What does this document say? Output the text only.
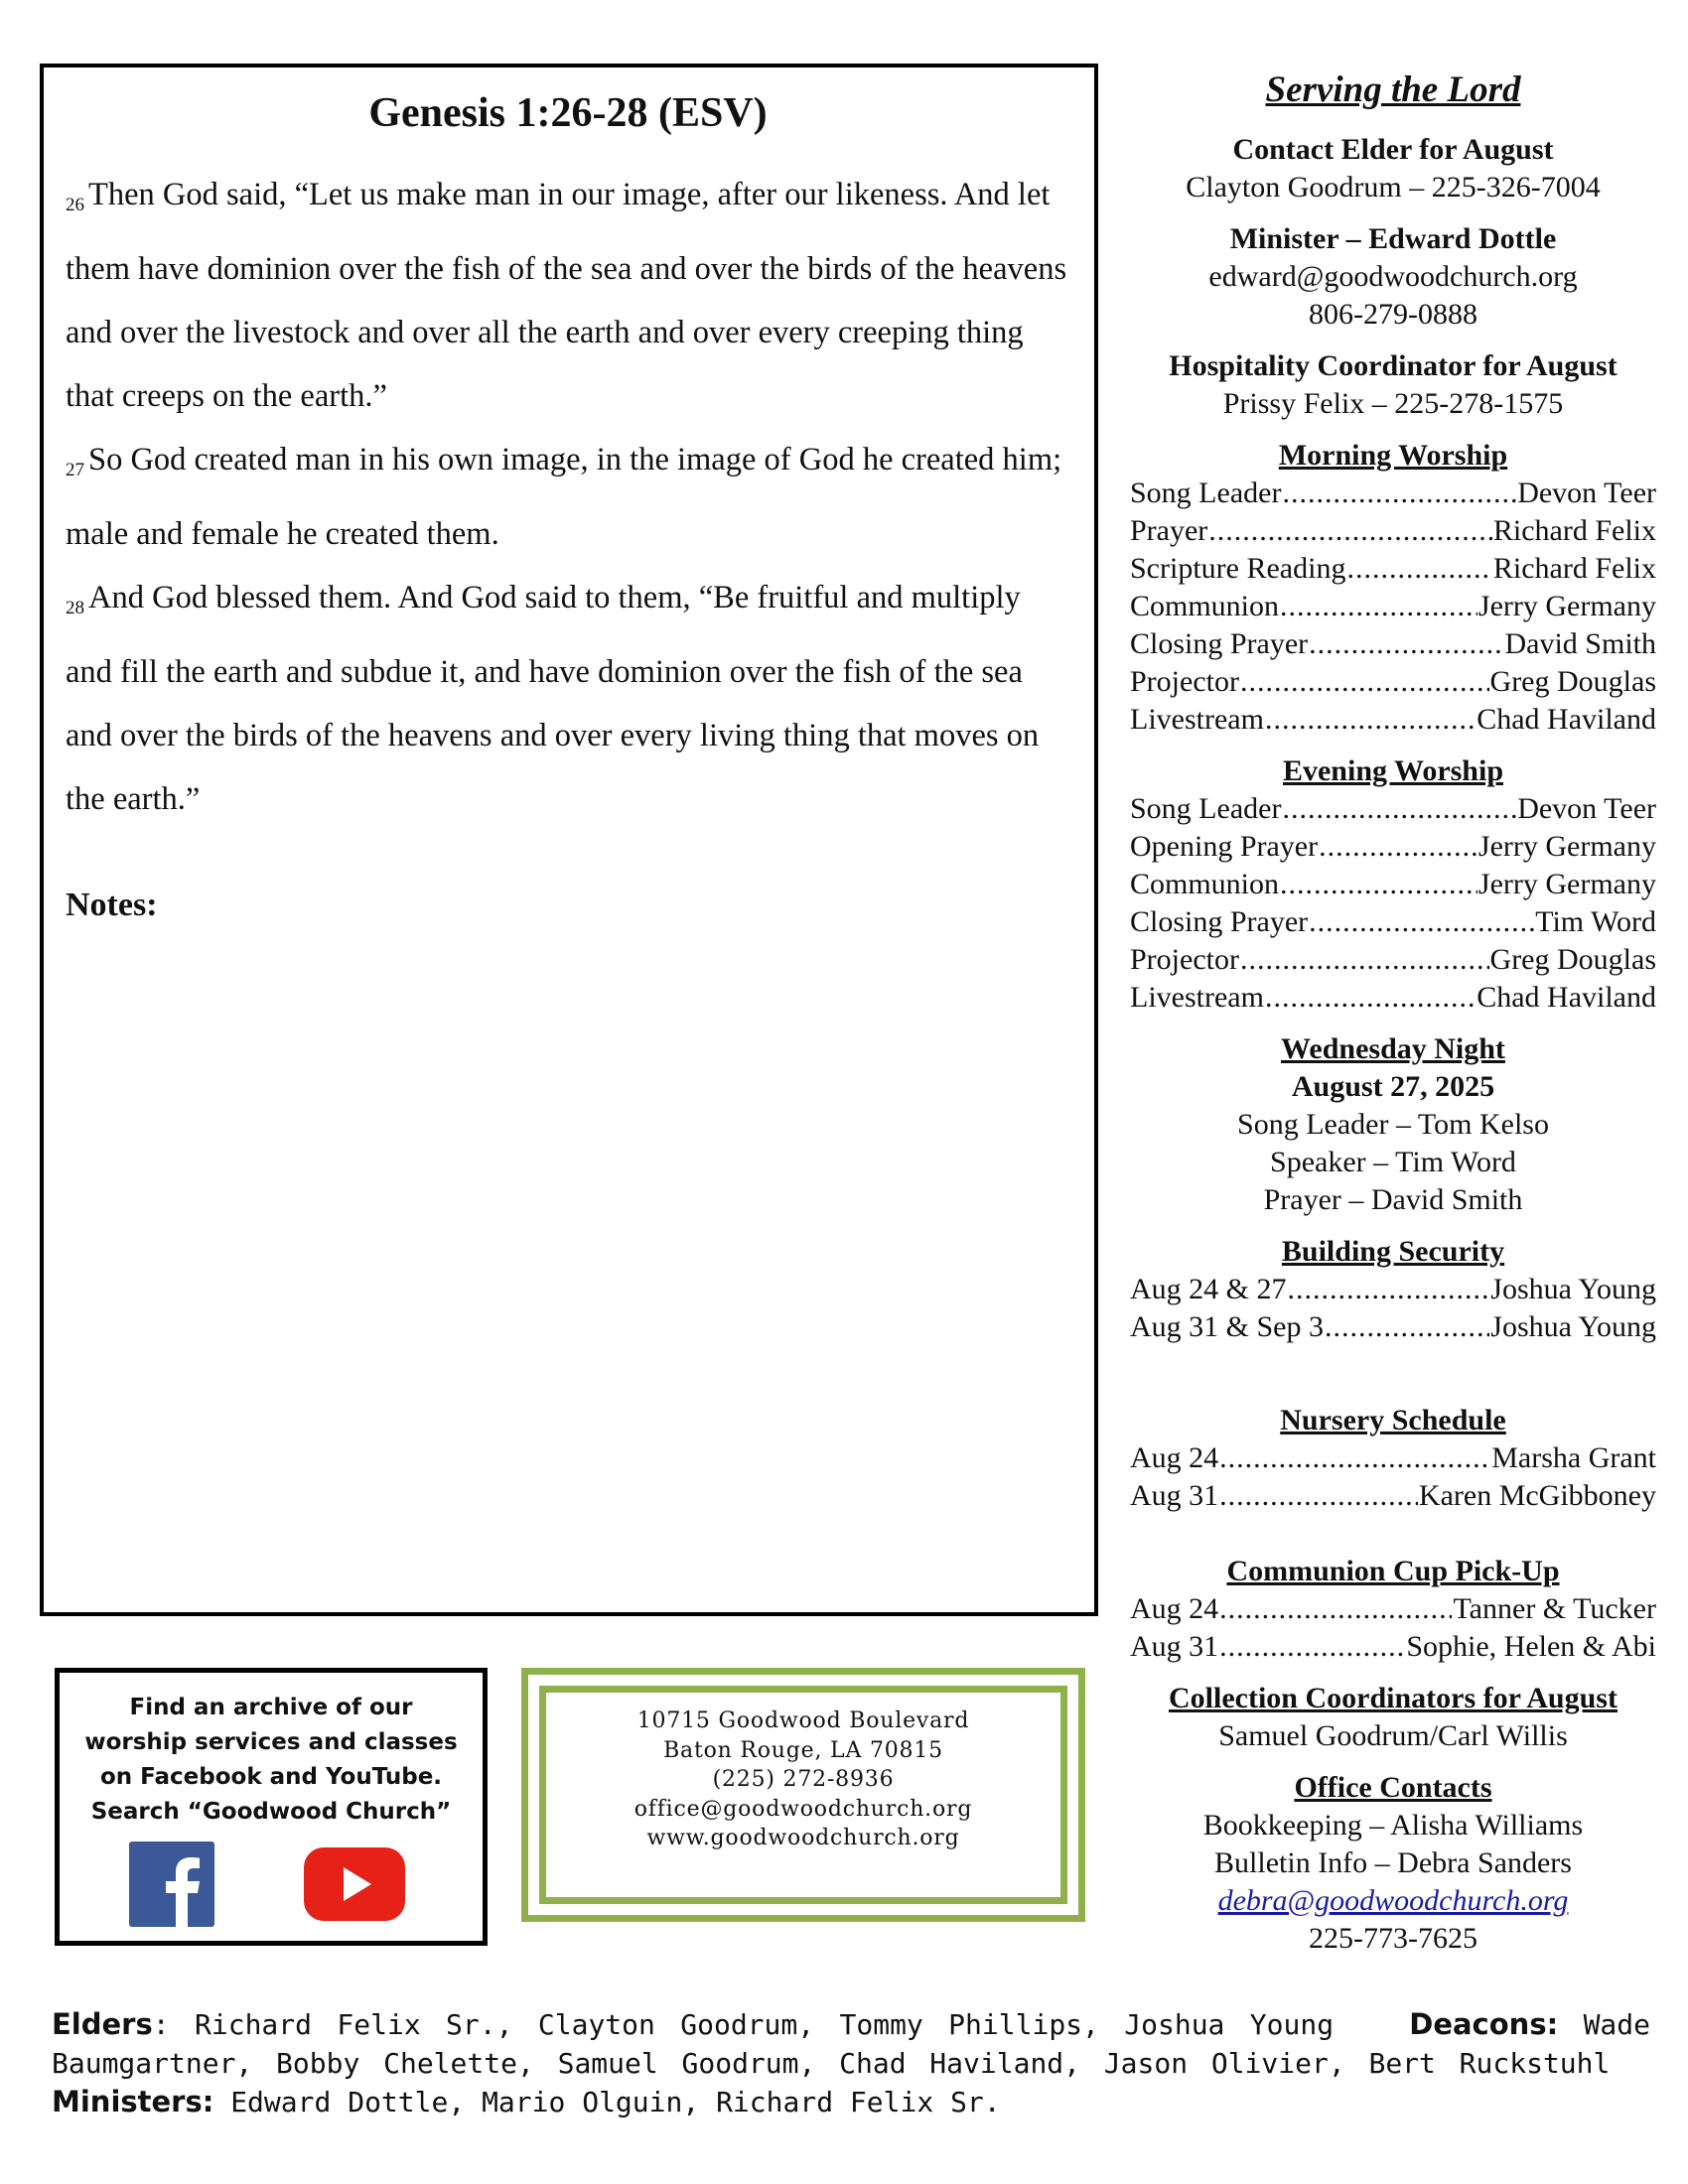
Genesis 1:26-28 (ESV)

26 Then God said, “Let us make man in our image, after our likeness. And let them have dominion over the fish of the sea and over the birds of the heavens and over the livestock and over all the earth and over every creeping thing that creeps on the earth.”

27 So God created man in his own image, in the image of God he created him; male and female he created them.

28 And God blessed them. And God said to them, “Be fruitful and multiply and fill the earth and subdue it, and have dominion over the fish of the sea and over the birds of the heavens and over every living thing that moves on the earth.”

Notes:
Find an archive of our
worship services and classes
on Facebook and YouTube.
Search “Goodwood Church”
10715 Goodwood Boulevard
Baton Rouge, LA 70815
(225) 272-8936
office@goodwoodchurch.org
www.goodwoodchurch.org
Serving the Lord
Contact Elder for August
Clayton Goodrum – 225-326-7004
Minister – Edward Dottle
edward@goodwoodchurch.org
806-279-0888
Hospitality Coordinator for August
Prissy Felix – 225-278-1575
Morning Worship
Song Leader .....	Devon Teer
Prayer .....	Richard Felix
Scripture Reading .....	Richard Felix
Communion .....	Jerry Germany
Closing Prayer .....	David Smith
Projector .....	Greg Douglas
Livestream .....	Chad Haviland
Evening Worship
Song Leader .....	Devon Teer
Opening Prayer .....	Jerry Germany
Communion .....	Jerry Germany
Closing Prayer .....	Tim Word
Projector .....	Greg Douglas
Livestream .....	Chad Haviland
Wednesday Night
August 27, 2025
Song Leader – Tom Kelso
Speaker – Tim Word
Prayer – David Smith
Building Security
Aug 24 & 27 .....	Joshua Young
Aug 31 & Sep 3 .....	Joshua Young
Nursery Schedule
Aug 24 .....	Marsha Grant
Aug 31 .....	Karen McGibboney
Communion Cup Pick-Up
Aug 24 .....	Tanner & Tucker
Aug 31 .....	Sophie, Helen & Abi
Collection Coordinators for August
Samuel Goodrum/Carl Willis
Office Contacts
Bookkeeping – Alisha Williams
Bulletin Info – Debra Sanders
debra@goodwoodchurch.org
225-773-7625
Elders: Richard Felix Sr., Clayton Goodrum, Tommy Phillips, Joshua Young	Deacons: Wade Baumgartner, Bobby Chelette, Samuel Goodrum, Chad Haviland, Jason Olivier, Bert Ruckstuhl   Ministers: Edward Dottle, Mario Olguin, Richard Felix Sr.
